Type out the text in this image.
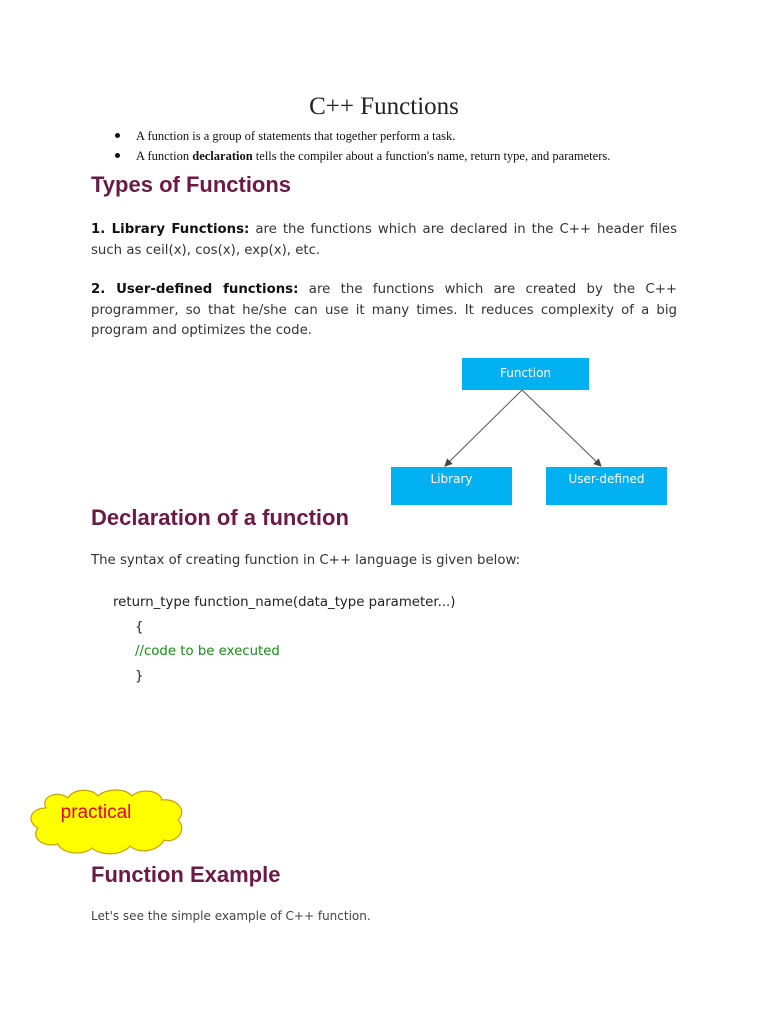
C++ Functions
A function is a group of statements that together perform a task.
A function declaration tells the compiler about a function's name, return type, and parameters.
Types of Functions
1. Library Functions: are the functions which are declared in the C++ header files such as ceil(x), cos(x), exp(x), etc.
2. User-defined functions: are the functions which are created by the C++ programmer, so that he/she can use it many times. It reduces complexity of a big program and optimizes the code.
Function
Library	User-defined
Declaration of a function
The syntax of creating function in C++ language is given below:
return_type function_name(data_type parameter...)
{
//code to be executed
}
practical
Function Example
Let's see the simple example of C++ function.
